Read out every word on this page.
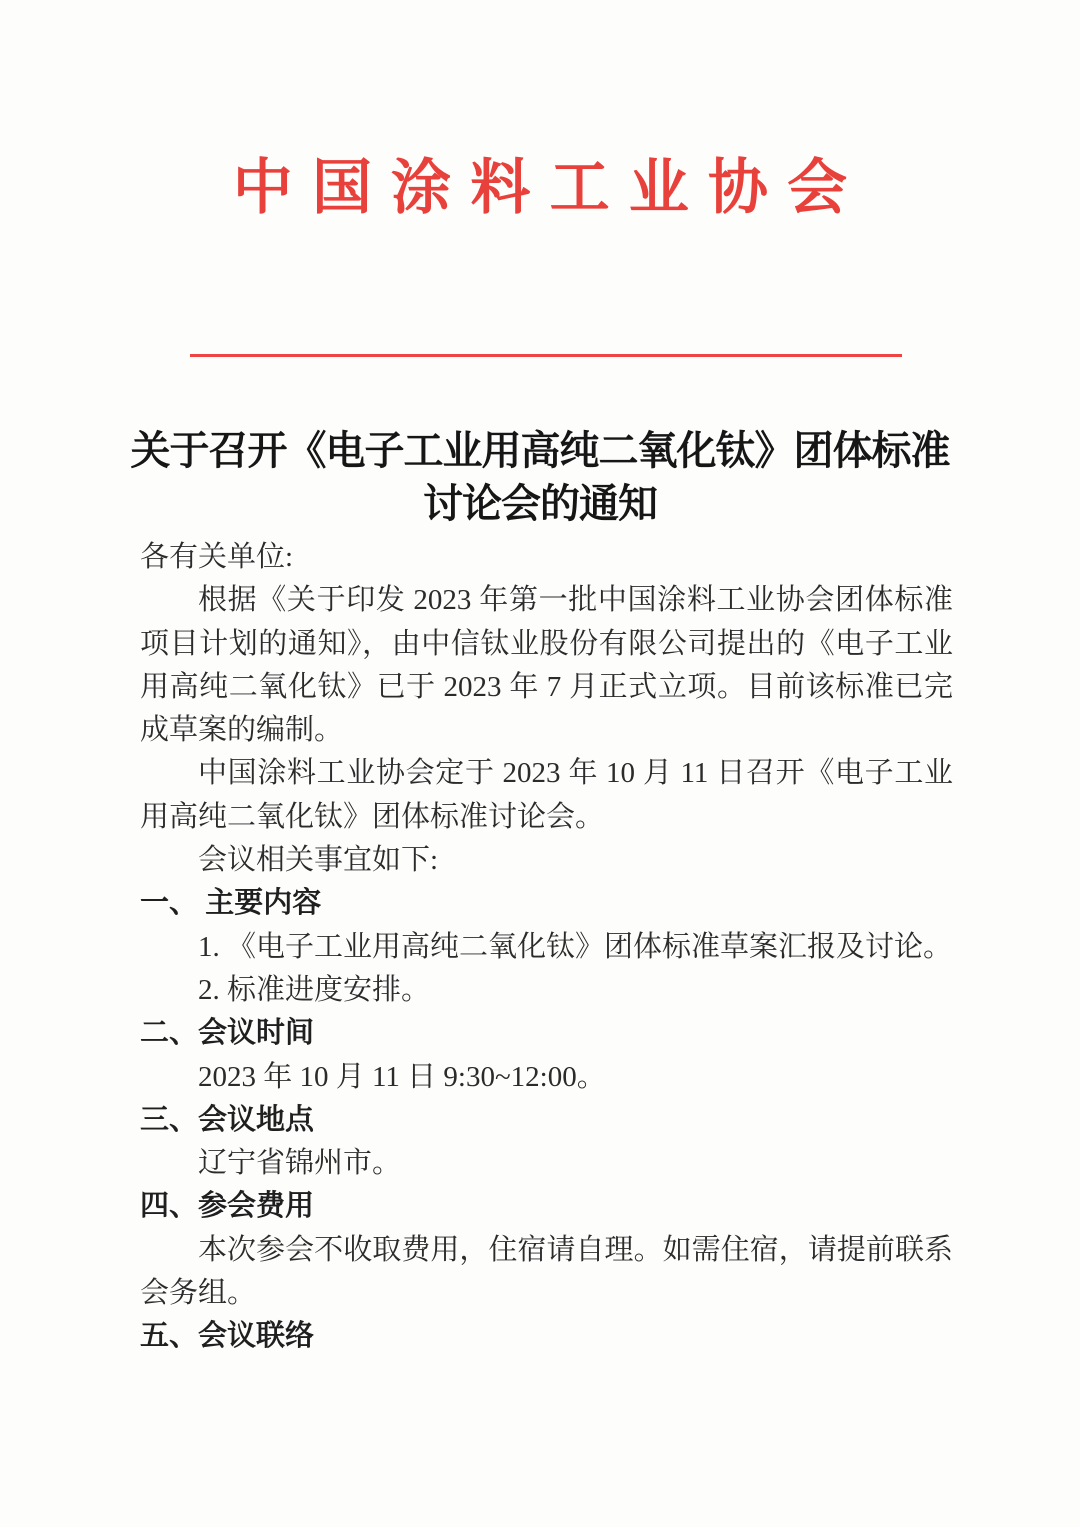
中国涂料工业协会
关于召开《电子工业用高纯二氧化钛》团体标准
讨论会的通知

各有关单位:

根据《关于印发 2023 年第一批中国涂料工业协会团体标准项目计划的通知》，由中信钛业股份有限公司提出的《电子工业用高纯二氧化钛》已于 2023 年 7 月正式立项。目前该标准已完成草案的编制。

中国涂料工业协会定于 2023 年 10 月 11 日召开《电子工业用高纯二氧化钛》团体标准讨论会。

会议相关事宜如下:

一、 主要内容

1. 《电子工业用高纯二氧化钛》团体标准草案汇报及讨论。

2. 标准进度安排。

二、会议时间

2023 年 10 月 11 日 9:30~12:00。

三、会议地点

辽宁省锦州市。

四、参会费用

本次参会不收取费用，住宿请自理。如需住宿，请提前联系会务组。

五、会议联络
